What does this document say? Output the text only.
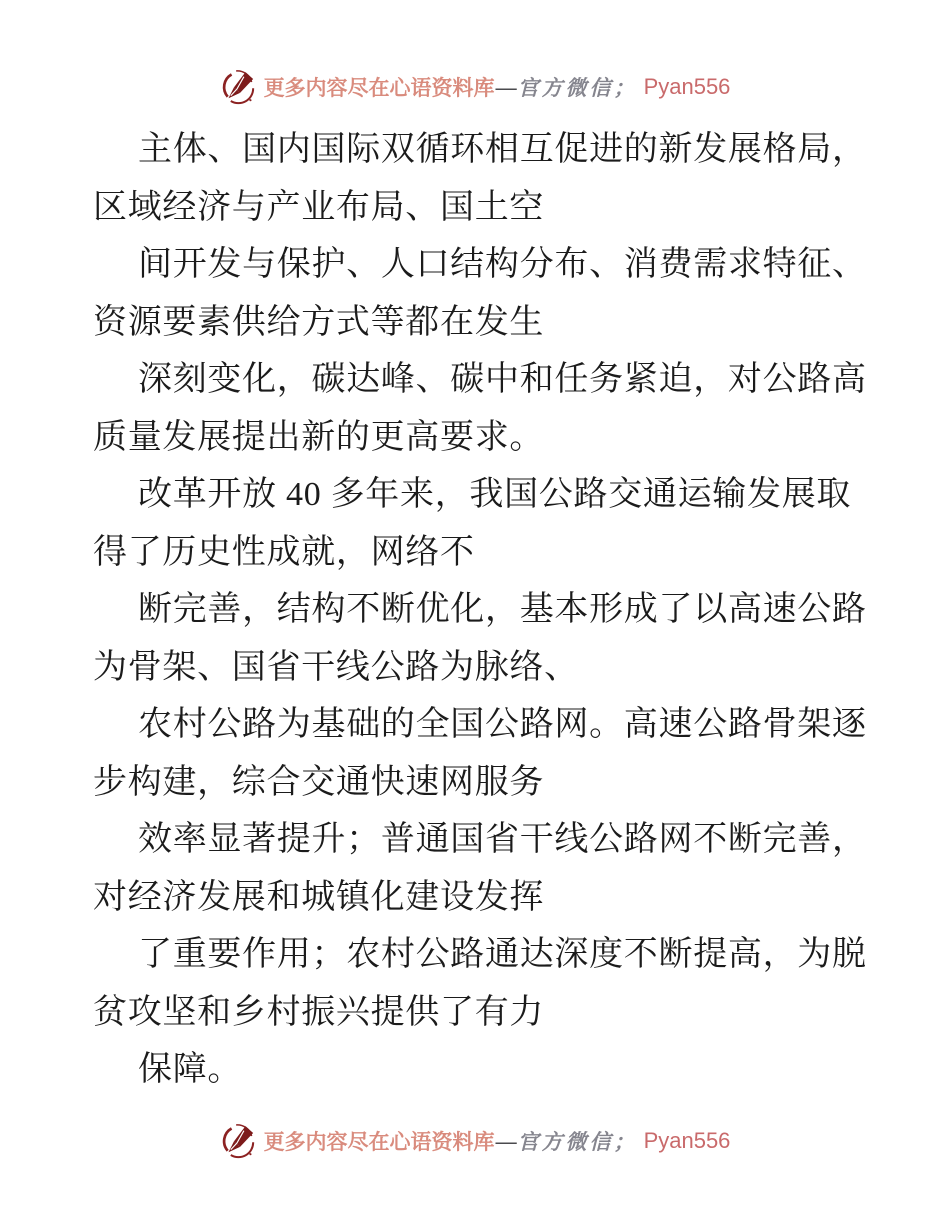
更多内容尽在心语资料库 — 官方微信； Pyan556
主体、国内国际双循环相互促进的新发展格局，
区域经济与产业布局、国土空
间开发与保护、人口结构分布、消费需求特征、
资源要素供给方式等都在发生
深刻变化，碳达峰、碳中和任务紧迫，对公路高
质量发展提出新的更高要求。
改革开放 40 多年来，我国公路交通运输发展取
得了历史性成就，网络不
断完善，结构不断优化，基本形成了以高速公路
为骨架、国省干线公路为脉络、
农村公路为基础的全国公路网。高速公路骨架逐
步构建，综合交通快速网服务
效率显著提升；普通国省干线公路网不断完善，
对经济发展和城镇化建设发挥
了重要作用；农村公路通达深度不断提高，为脱
贫攻坚和乡村振兴提供了有力
保障。
更多内容尽在心语资料库 — 官方微信； Pyan556
